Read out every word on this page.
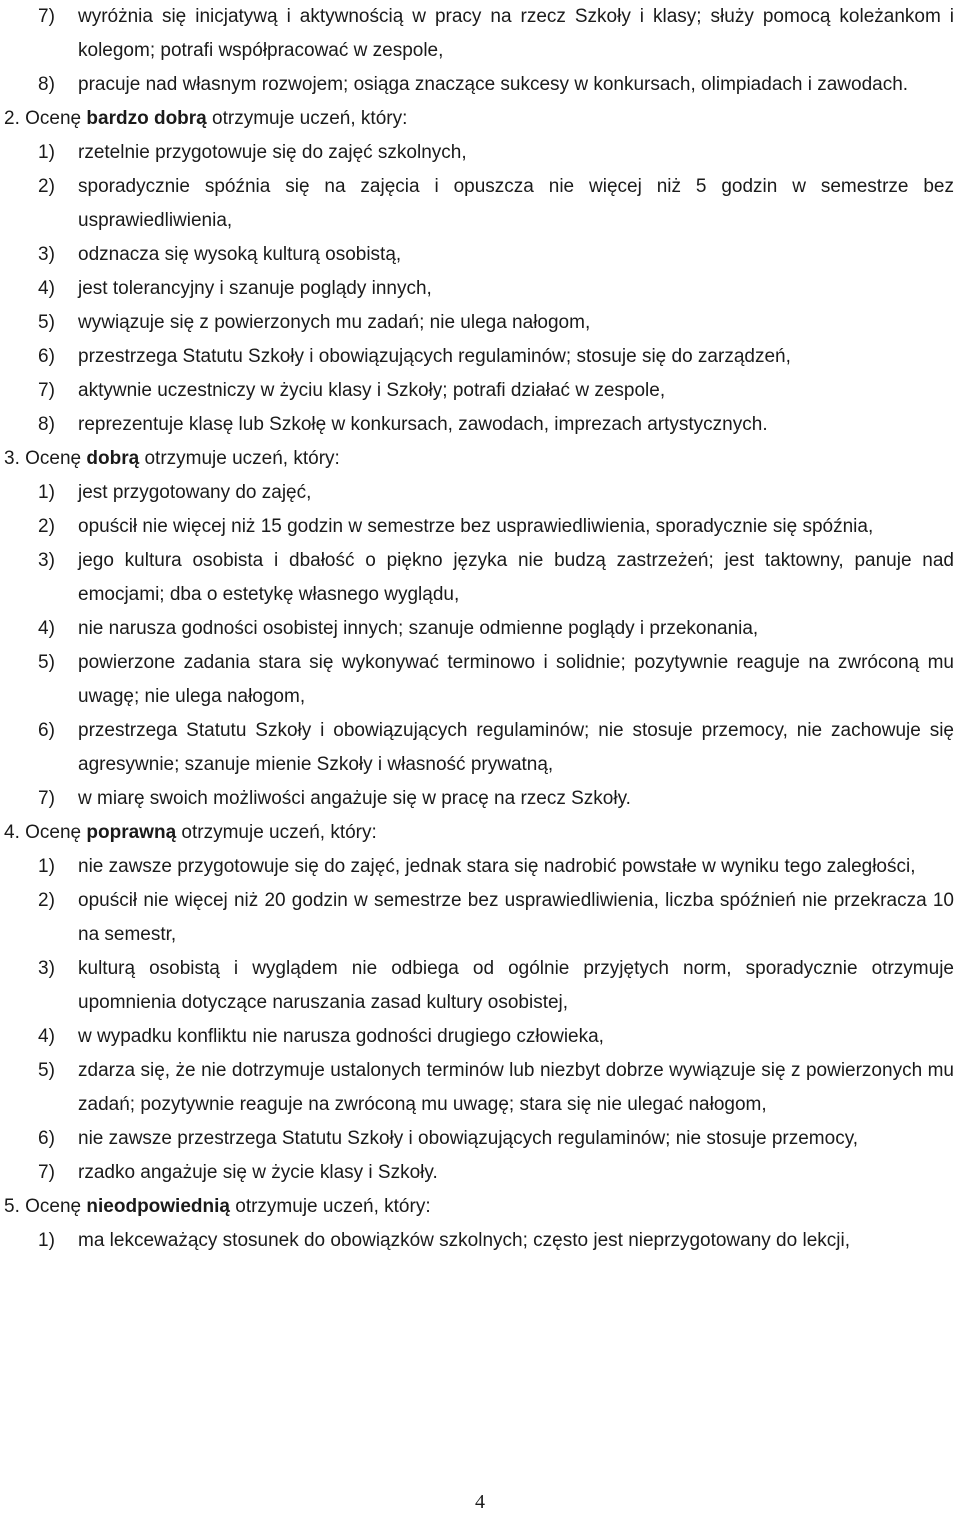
7)	wyróżnia się inicjatywą i aktywnością w pracy na rzecz Szkoły i klasy; służy pomocą koleżankom i kolegom; potrafi współpracować w zespole,
8)	pracuje nad własnym rozwojem; osiąga znaczące sukcesy w konkursach, olimpiadach i zawodach.
2. Ocenę bardzo dobrą otrzymuje uczeń, który:
1)	rzetelnie przygotowuje się do zajęć szkolnych,
2)	sporadycznie spóźnia się na zajęcia i opuszcza nie więcej niż 5 godzin w semestrze bez usprawiedliwienia,
3)	odznacza się wysoką kulturą osobistą,
4)	jest tolerancyjny i szanuje poglądy innych,
5)	wywiązuje się z powierzonych mu zadań; nie ulega nałogom,
6)	przestrzega Statutu Szkoły i obowiązujących regulaminów; stosuje się do zarządzeń,
7)	aktywnie uczestniczy w życiu klasy i Szkoły; potrafi działać w zespole,
8)	reprezentuje klasę lub Szkołę w konkursach, zawodach, imprezach artystycznych.
3. Ocenę dobrą otrzymuje uczeń, który:
1)	jest przygotowany do zajęć,
2)	opuścił nie więcej niż 15 godzin w semestrze bez usprawiedliwienia, sporadycznie się spóźnia,
3)	jego kultura osobista i dbałość o piękno języka nie budzą zastrzeżeń; jest taktowny, panuje nad emocjami; dba o estetykę własnego wyglądu,
4)	nie narusza godności osobistej innych; szanuje odmienne poglądy i przekonania,
5)	powierzone zadania stara się wykonywać terminowo i solidnie; pozytywnie reaguje na zwróconą mu uwagę; nie ulega nałogom,
6)	przestrzega Statutu Szkoły i obowiązujących regulaminów; nie stosuje przemocy, nie zachowuje się agresywnie; szanuje mienie Szkoły i własność prywatną,
7)	w miarę swoich możliwości angażuje się w pracę na rzecz Szkoły.
4. Ocenę poprawną otrzymuje uczeń, który:
1)	nie zawsze przygotowuje się do zajęć, jednak stara się nadrobić powstałe w wyniku tego zaległości,
2)	opuścił nie więcej niż 20 godzin w semestrze bez usprawiedliwienia, liczba spóźnień nie przekracza 10 na semestr,
3)	kulturą osobistą i wyglądem nie odbiega od ogólnie przyjętych norm, sporadycznie otrzymuje upomnienia dotyczące naruszania zasad kultury osobistej,
4)	w wypadku konfliktu nie narusza godności drugiego człowieka,
5)	zdarza się, że nie dotrzymuje ustalonych terminów lub niezbyt dobrze wywiązuje się z powierzonych mu zadań; pozytywnie reaguje na zwróconą mu uwagę; stara się nie ulegać nałogom,
6)	nie zawsze przestrzega Statutu Szkoły i obowiązujących regulaminów; nie stosuje przemocy,
7)	rzadko angażuje się w życie klasy i Szkoły.
5. Ocenę nieodpowiednią otrzymuje uczeń, który:
1)	ma lekceważący stosunek do obowiązków szkolnych; często jest nieprzygotowany do lekcji,
4
